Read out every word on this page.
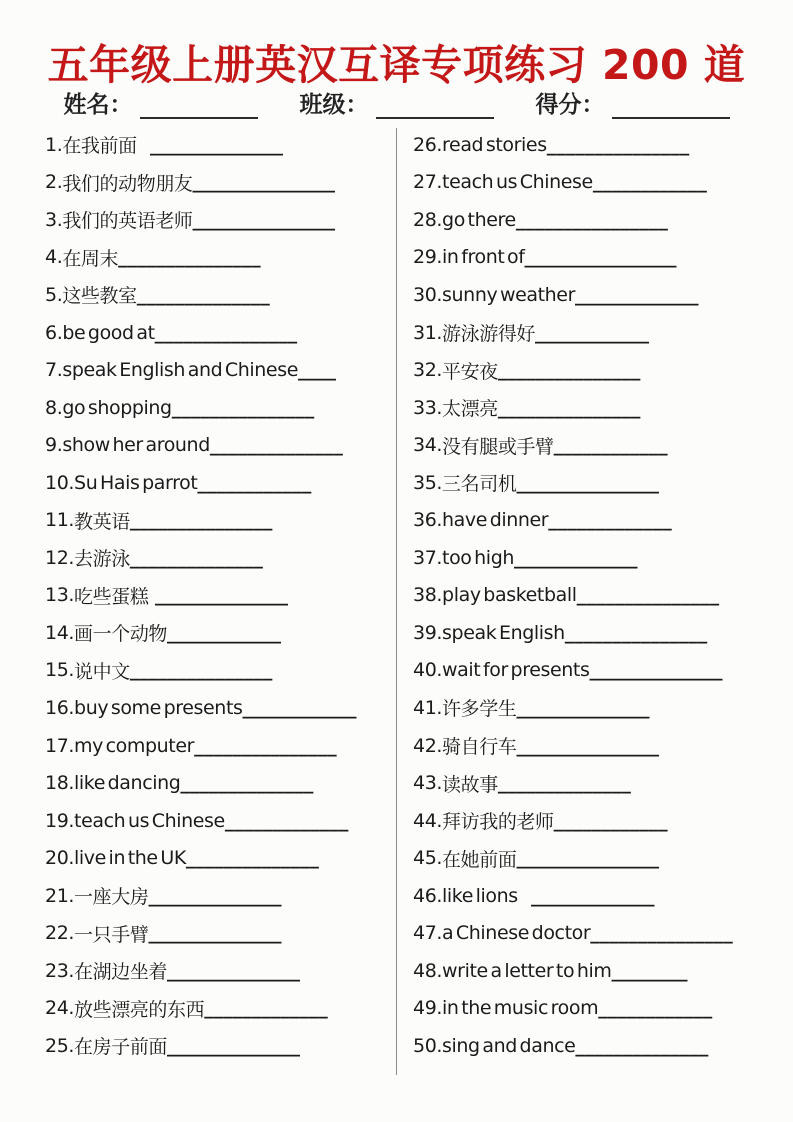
五年级上册英汉互译专项练习 200 道
姓名：	班级：	得分：
1. 在我前面 ______________
2. 我们的动物朋友 _______________
3. 我们的英语老师 _______________
4. 在周末 _______________
5. 这些教室 ______________
6. be good at _______________
7. speak English and Chinese ____
8. go shopping _______________
9. show her around ______________
10. Su Hais parrot ____________
11. 教英语 _______________
12. 去游泳 ______________
13. 吃些蛋糕 ______________
14. 画一个动物 ____________
15. 说中文 _______________
16. buy some presents ____________
17. my computer _______________
18. like dancing ______________
19. teach us Chinese _____________
20. live in the UK ______________
21. 一座大房 ______________
22. 一只手臂 ______________
23. 在湖边坐着 ______________
24. 放些漂亮的东西 _____________
25. 在房子前面 ______________
26. read stories _______________
27. teach us Chinese ____________
28. go there ________________
29. in front of ________________
30. sunny weather _____________
31. 游泳游得好 ____________
32. 平安夜 _______________
33. 太漂亮 _______________
34. 没有腿或手臂 ____________
35. 三名司机 _______________
36. have dinner _____________
37. too high _____________
38. play basketball _______________
39. speak English _______________
40. wait for presents ______________
41. 许多学生 ______________
42. 骑自行车 _______________
43. 读故事 ______________
44. 拜访我的老师 ____________
45. 在她前面 _______________
46. like lions _____________
47. a Chinese doctor _______________
48. write a letter to him ________
49. in the music room ____________
50. sing and dance ______________
